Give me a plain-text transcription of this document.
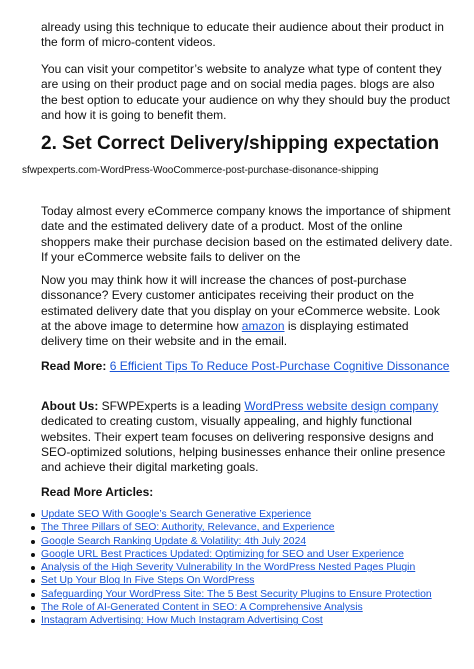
already using this technique to educate their audience about their product in the form of micro-content videos.

You can visit your competitor’s website to analyze what type of content they are using on their product page and on social media pages. blogs are also the best option to educate your audience on why they should buy the product and how it is going to benefit them.

2. Set Correct Delivery/shipping expectation
sfwpexperts.com-WordPress-WooCommerce-post-purchase-disonance-shipping

Today almost every eCommerce company knows the importance of shipment date and the estimated delivery date of a product. Most of the online shoppers make their purchase decision based on the estimated delivery date. If your eCommerce website fails to deliver on the

Now you may think how it will increase the chances of post-purchase dissonance? Every customer anticipates receiving their product on the estimated delivery date that you display on your eCommerce website. Look at the above image to determine how amazon is displaying estimated delivery time on their website and in the email.

Read More: 6 Efficient Tips To Reduce Post-Purchase Cognitive Dissonance

About Us: SFWPExperts is a leading WordPress website design company dedicated to creating custom, visually appealing, and highly functional websites. Their expert team focuses on delivering responsive designs and SEO-optimized solutions, helping businesses enhance their online presence and achieve their digital marketing goals.

Read More Articles:
Update SEO With Google’s Search Generative Experience
The Three Pillars of SEO: Authority, Relevance, and Experience
Google Search Ranking Update & Volatility: 4th July 2024
Google URL Best Practices Updated: Optimizing for SEO and User Experience
Analysis of the High Severity Vulnerability In the WordPress Nested Pages Plugin
Set Up Your Blog In Five Steps On WordPress
Safeguarding Your WordPress Site: The 5 Best Security Plugins to Ensure Protection
The Role of AI-Generated Content in SEO: A Comprehensive Analysis
Instagram Advertising: How Much Instagram Advertising Cost
